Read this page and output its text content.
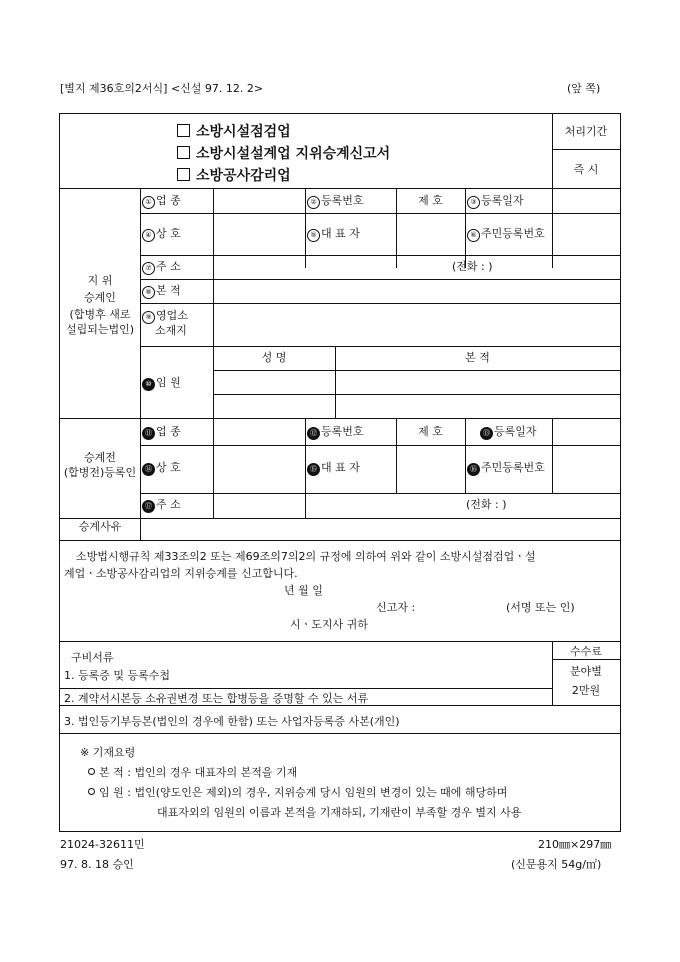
[별지 제36호의2서식] <신설 97. 12. 2>	(앞 쪽)
소방시설점검업
소방시설설계업 지위승계신고서
소방공사감리업
처리기간
즉 시
지 위
승계인
(합병후 새로
설립되는법인)
① 업 종	② 등록번호	제 호	③ 등록일자
④ 상 호	⑤ 대 표 자	⑥ 주민등록번호
⑦ 주 소	(전화 : )
⑧ 본 적
⑨ 영업소
소재지
성 명	본 적
⑩ 임 원
승계전
(합병전)등록인
⑪ 업 종	⑫ 등록번호	제 호	⑬ 등록일자
⑭ 상 호	⑮ 대 표 자	⑯ 주민등록번호
⑰ 주 소	(전화 : )
승계사유
소방법시행규칙 제33조의2 또는 제69조의7의2의 규정에 의하여 위와 같이 소방시설점검업ㆍ설
계업ㆍ소방공사감리업의 지위승계를 신고합니다.
년 월 일
신고자 :	(서명 또는 인)
시ㆍ도지사 귀하
수수료
분야별
2만원
구비서류
1. 등록증 및 등록수첩
2. 계약서시본등 소유권변경 또는 합병등을 증명할 수 있는 서류
3. 법인등기부등본(법인의 경우에 한함) 또는 사업자등록증 사본(개인)
※ 기재요령
본 적 : 법인의 경우 대표자의 본적을 기재
임 원 : 법인(양도인은 제외)의 경우, 지위승계 당시 임원의 변경이 있는 때에 해당하며
대표자외의 임원의 이름과 본적을 기재하되, 기재란이 부족할 경우 별지 사용
21024-32611민
97. 8. 18 승인
210㎜×297㎜
(신문용지 54g/㎡)
